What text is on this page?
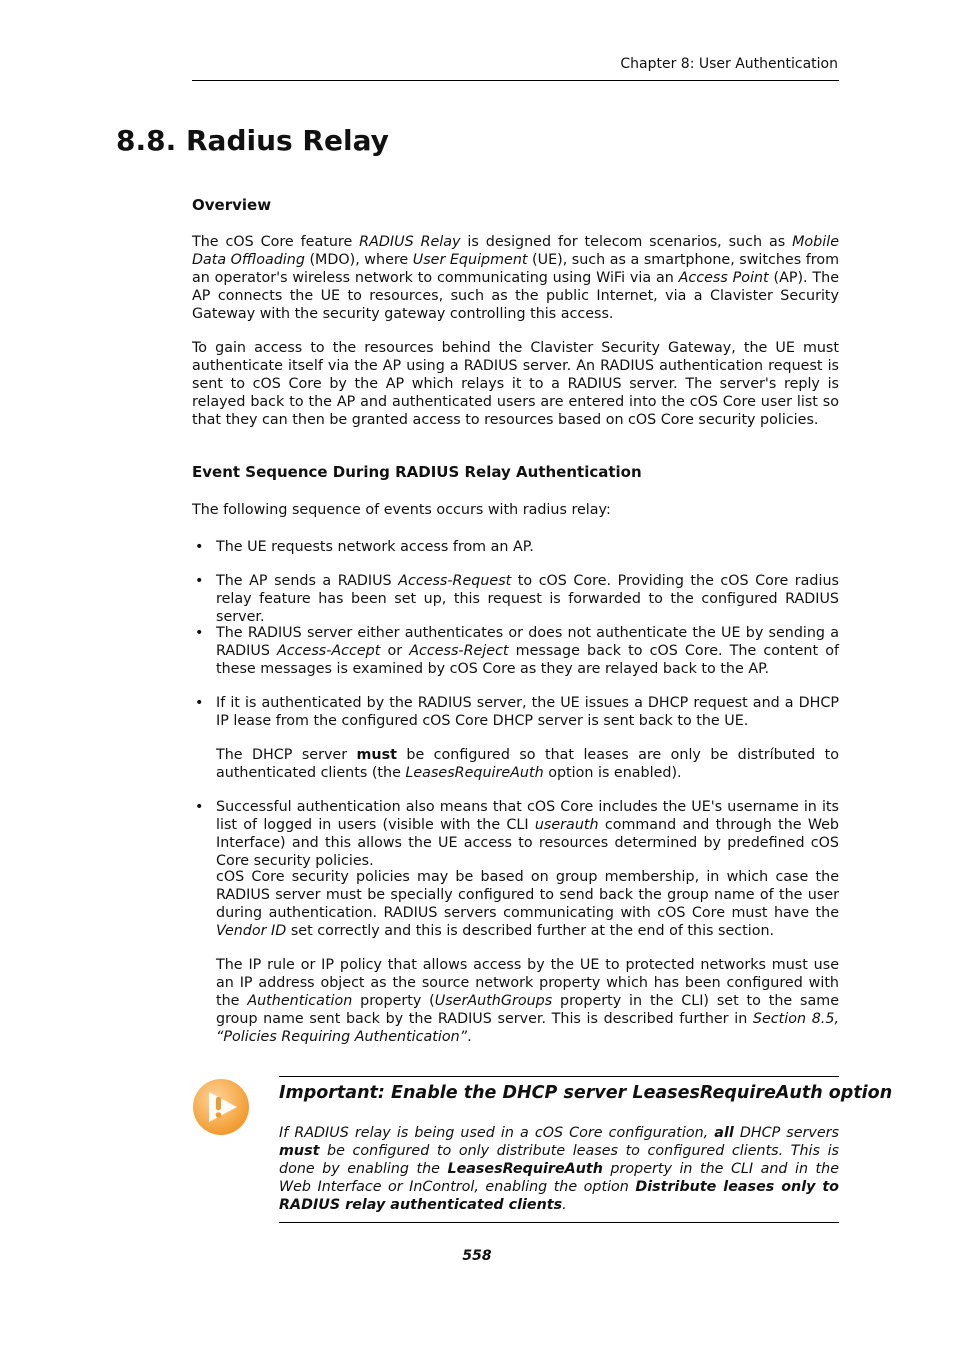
Chapter 8: User Authentication
8.8. Radius Relay
Overview

The cOS Core feature RADIUS Relay is designed for telecom scenarios, such as Mobile Data Offloading (MDO), where User Equipment (UE), such as a smartphone, switches from an operator's wireless network to communicating using WiFi via an Access Point (AP). The AP connects the UE to resources, such as the public Internet, via a Clavister Security Gateway with the security gateway controlling this access.

To gain access to the resources behind the Clavister Security Gateway, the UE must authenticate itself via the AP using a RADIUS server. An RADIUS authentication request is sent to cOS Core by the AP which relays it to a RADIUS server. The server's reply is relayed back to the AP and authenticated users are entered into the cOS Core user list so that they can then be granted access to resources based on cOS Core security policies.

Event Sequence During RADIUS Relay Authentication
The following sequence of events occurs with radius relay:
• The UE requests network access from an AP.

• The AP sends a RADIUS Access-Request to cOS Core. Providing the cOS Core radius relay feature has been set up, this request is forwarded to the configured RADIUS server.

• The RADIUS server either authenticates or does not authenticate the UE by sending a RADIUS Access-Accept or Access-Reject message back to cOS Core. The content of these messages is examined by cOS Core as they are relayed back to the AP.

• If it is authenticated by the RADIUS server, the UE issues a DHCP request and a DHCP IP lease from the configured cOS Core DHCP server is sent back to the UE.

The DHCP server must be configured so that leases are only be distríbuted to authenticated clients (the LeasesRequireAuth option is enabled).

• Successful authentication also means that cOS Core includes the UE's username in its list of logged in users (visible with the CLI userauth command and through the Web Interface) and this allows the UE access to resources determined by predefined cOS Core security policies.

cOS Core security policies may be based on group membership, in which case the RADIUS server must be specially configured to send back the group name of the user during authentication. RADIUS servers communicating with cOS Core must have the Vendor ID set correctly and this is described further at the end of this section.

The IP rule or IP policy that allows access by the UE to protected networks must use an IP address object as the source network property which has been configured with the Authentication property (UserAuthGroups property in the CLI) set to the same group name sent back by the RADIUS server. This is described further in Section 8.5, “Policies Requiring Authentication”.

Important: Enable the DHCP server LeasesRequireAuth option
If RADIUS relay is being used in a cOS Core configuration, all DHCP servers must be configured to only distribute leases to configured clients. This is done by enabling the LeasesRequireAuth property in the CLI and in the Web Interface or InControl, enabling the option Distribute leases only to RADIUS relay authenticated clients.
558
